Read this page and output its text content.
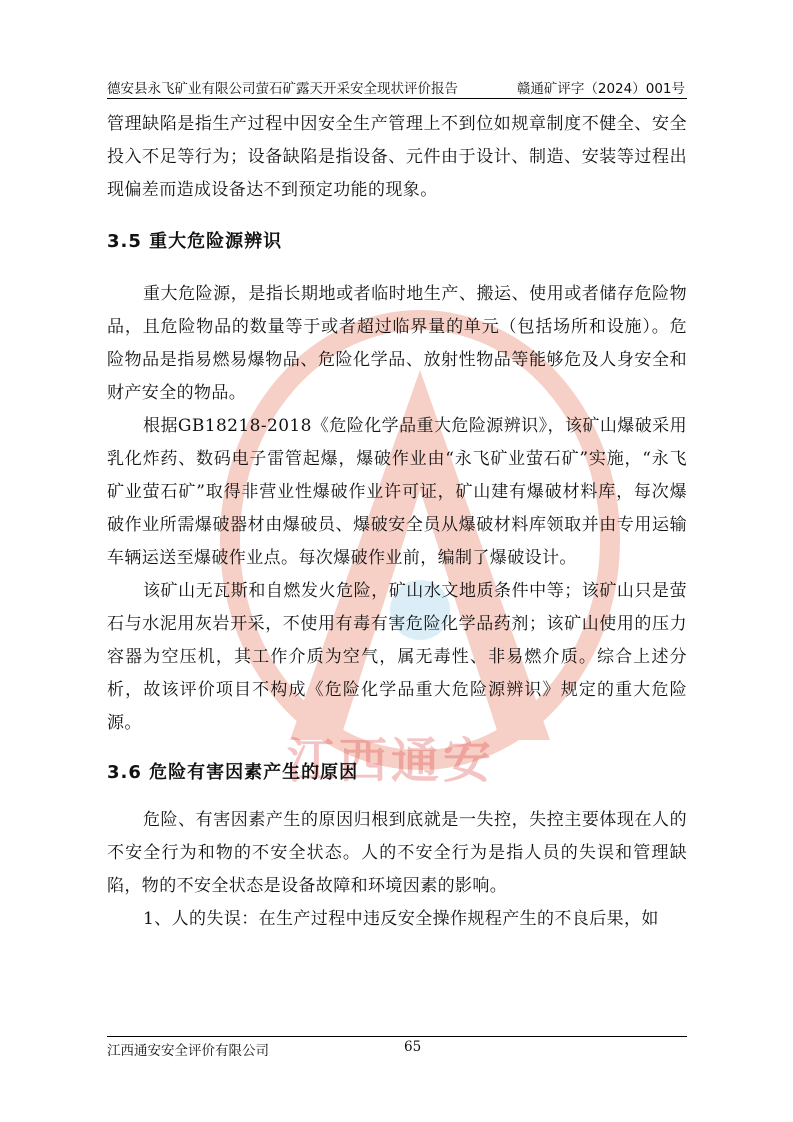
德安县永飞矿业有限公司萤石矿露天开采安全现状评价报告	赣通矿评字（2024）001号
江西通安

管理缺陷是指生产过程中因安全生产管理上不到位如规章制度不健全、安全投入不足等行为；设备缺陷是指设备、元件由于设计、制造、安装等过程出现偏差而造成设备达不到预定功能的现象。

3.5 重大危险源辨识

重大危险源，是指长期地或者临时地生产、搬运、使用或者储存危险物品，且危险物品的数量等于或者超过临界量的单元（包括场所和设施）。危险物品是指易燃易爆物品、危险化学品、放射性物品等能够危及人身安全和财产安全的物品。

根据GB18218-2018《危险化学品重大危险源辨识》，该矿山爆破采用乳化炸药、数码电子雷管起爆，爆破作业由“永飞矿业萤石矿”实施，“永飞矿业萤石矿”取得非营业性爆破作业许可证，矿山建有爆破材料库，每次爆破作业所需爆破器材由爆破员、爆破安全员从爆破材料库领取并由专用运输车辆运送至爆破作业点。每次爆破作业前，编制了爆破设计。

该矿山无瓦斯和自燃发火危险，矿山水文地质条件中等；该矿山只是萤石与水泥用灰岩开采，不使用有毒有害危险化学品药剂；该矿山使用的压力容器为空压机，其工作介质为空气，属无毒性、非易燃介质。综合上述分析，故该评价项目不构成《危险化学品重大危险源辨识》规定的重大危险源。

3.6 危险有害因素产生的原因

危险、有害因素产生的原因归根到底就是一失控，失控主要体现在人的不安全行为和物的不安全状态。人的不安全行为是指人员的失误和管理缺陷，物的不安全状态是设备故障和环境因素的影响。

1、人的失误：在生产过程中违反安全操作规程产生的不良后果，如

江西通安安全评价有限公司	65
